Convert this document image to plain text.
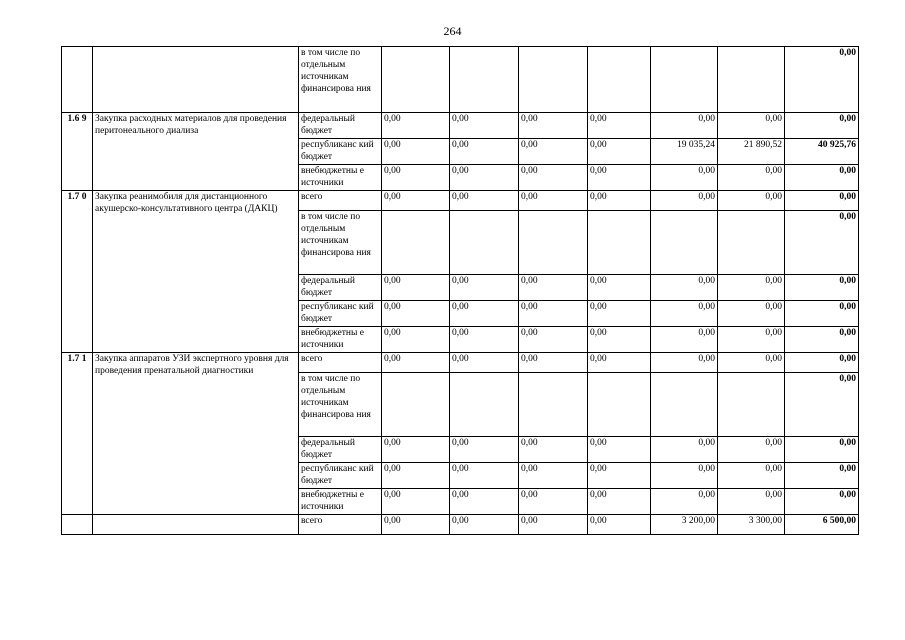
264
		в том числе по отдельным источникам финансирова ния							0,00
1.6 9	Закупка расходных материалов для проведения перитонеального диализа	федеральный бюджет	0,00	0,00	0,00	0,00	0,00	0,00	0,00
		республиканс кий бюджет	0,00	0,00	0,00	0,00	19 035,24	21 890,52	40 925,76
		внебюджетны е источники	0,00	0,00	0,00	0,00	0,00	0,00	0,00
1.7 0	Закупка реанимобиля для дистанционного акушерско-консультативного центра (ДАКЦ)	всего	0,00	0,00	0,00	0,00	0,00	0,00	0,00
		в том числе по отдельным источникам финансирова ния							0,00
		федеральный бюджет	0,00	0,00	0,00	0,00	0,00	0,00	0,00
		республиканс кий бюджет	0,00	0,00	0,00	0,00	0,00	0,00	0,00
		внебюджетны е источники	0,00	0,00	0,00	0,00	0,00	0,00	0,00
1.7 1	Закупка аппаратов УЗИ экспертного уровня для проведения пренатальной диагностики	всего	0,00	0,00	0,00	0,00	0,00	0,00	0,00
		в том числе по отдельным источникам финансирова ния							0,00
		федеральный бюджет	0,00	0,00	0,00	0,00	0,00	0,00	0,00
		республиканс кий бюджет	0,00	0,00	0,00	0,00	0,00	0,00	0,00
		внебюджетны е источники	0,00	0,00	0,00	0,00	0,00	0,00	0,00
		всего	0,00	0,00	0,00	0,00	3 200,00	3 300,00	6 500,00
